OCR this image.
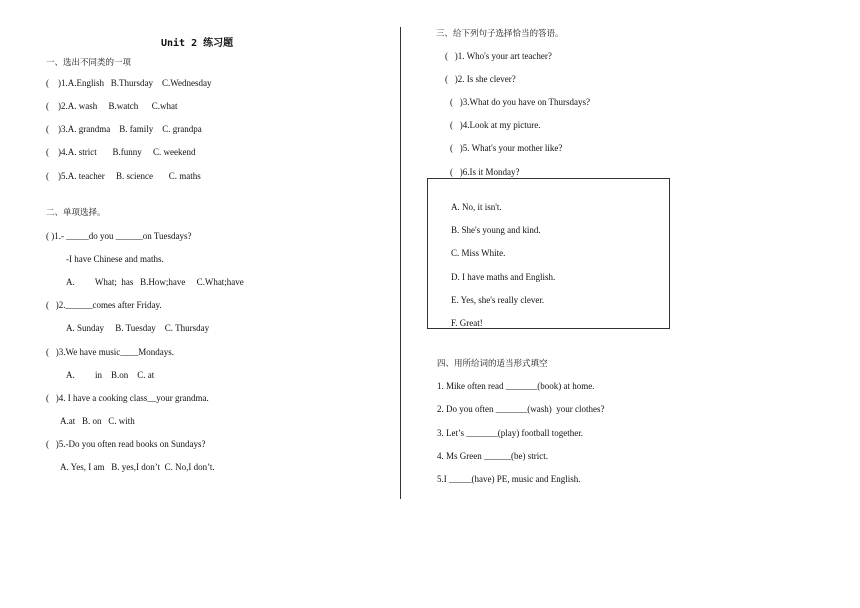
Unit 2 练习题
一、选出不同类的一项
(    )1.A.English   B.Thursday    C.Wednesday
(    )2.A. wash     B.watch      C.what
(    )3.A. grandma    B. family    C. grandpa
(    )4.A. strict       B.funny     C. weekend
(    )5.A. teacher     B. science       C. maths
二、单项选择。
( )1.- _____do you ______on Tuesdays?
-I have Chinese and maths.
A.         What;  has   B.How;have     C.What;have
(   )2.______comes after Friday.
A. Sunday     B. Tuesday    C. Thursday
(   )3.We have music____Mondays.
A.         in    B.on    C. at
(   )4. I have a cooking class__your grandma.
A.at   B. on   C. with
(   )5.-Do you often read books on Sundays?
A. Yes, I am   B. yes,I don’t  C. No,I don’t.
三、给下列句子选择恰当的答语。
(   )1. Who's your art teacher?
(   )2. Is she clever?
(   )3.What do you have on Thursdays?
(   )4.Look at my picture.
(   )5. What's your mother like?
(   )6.Is it Monday?
A. No, it isn't.
B. She's young and kind.
C. Miss White.
D. I have maths and English.
E. Yes, she's really clever.
F. Great!
四、用所给词的适当形式填空
1. Mike often read _______(book) at home.
2. Do you often _______(wash)  your clothes?
3. Let’s _______(play) football together.
4. Ms Green ______(be) strict.
5.I _____(have) PE, music and English.
